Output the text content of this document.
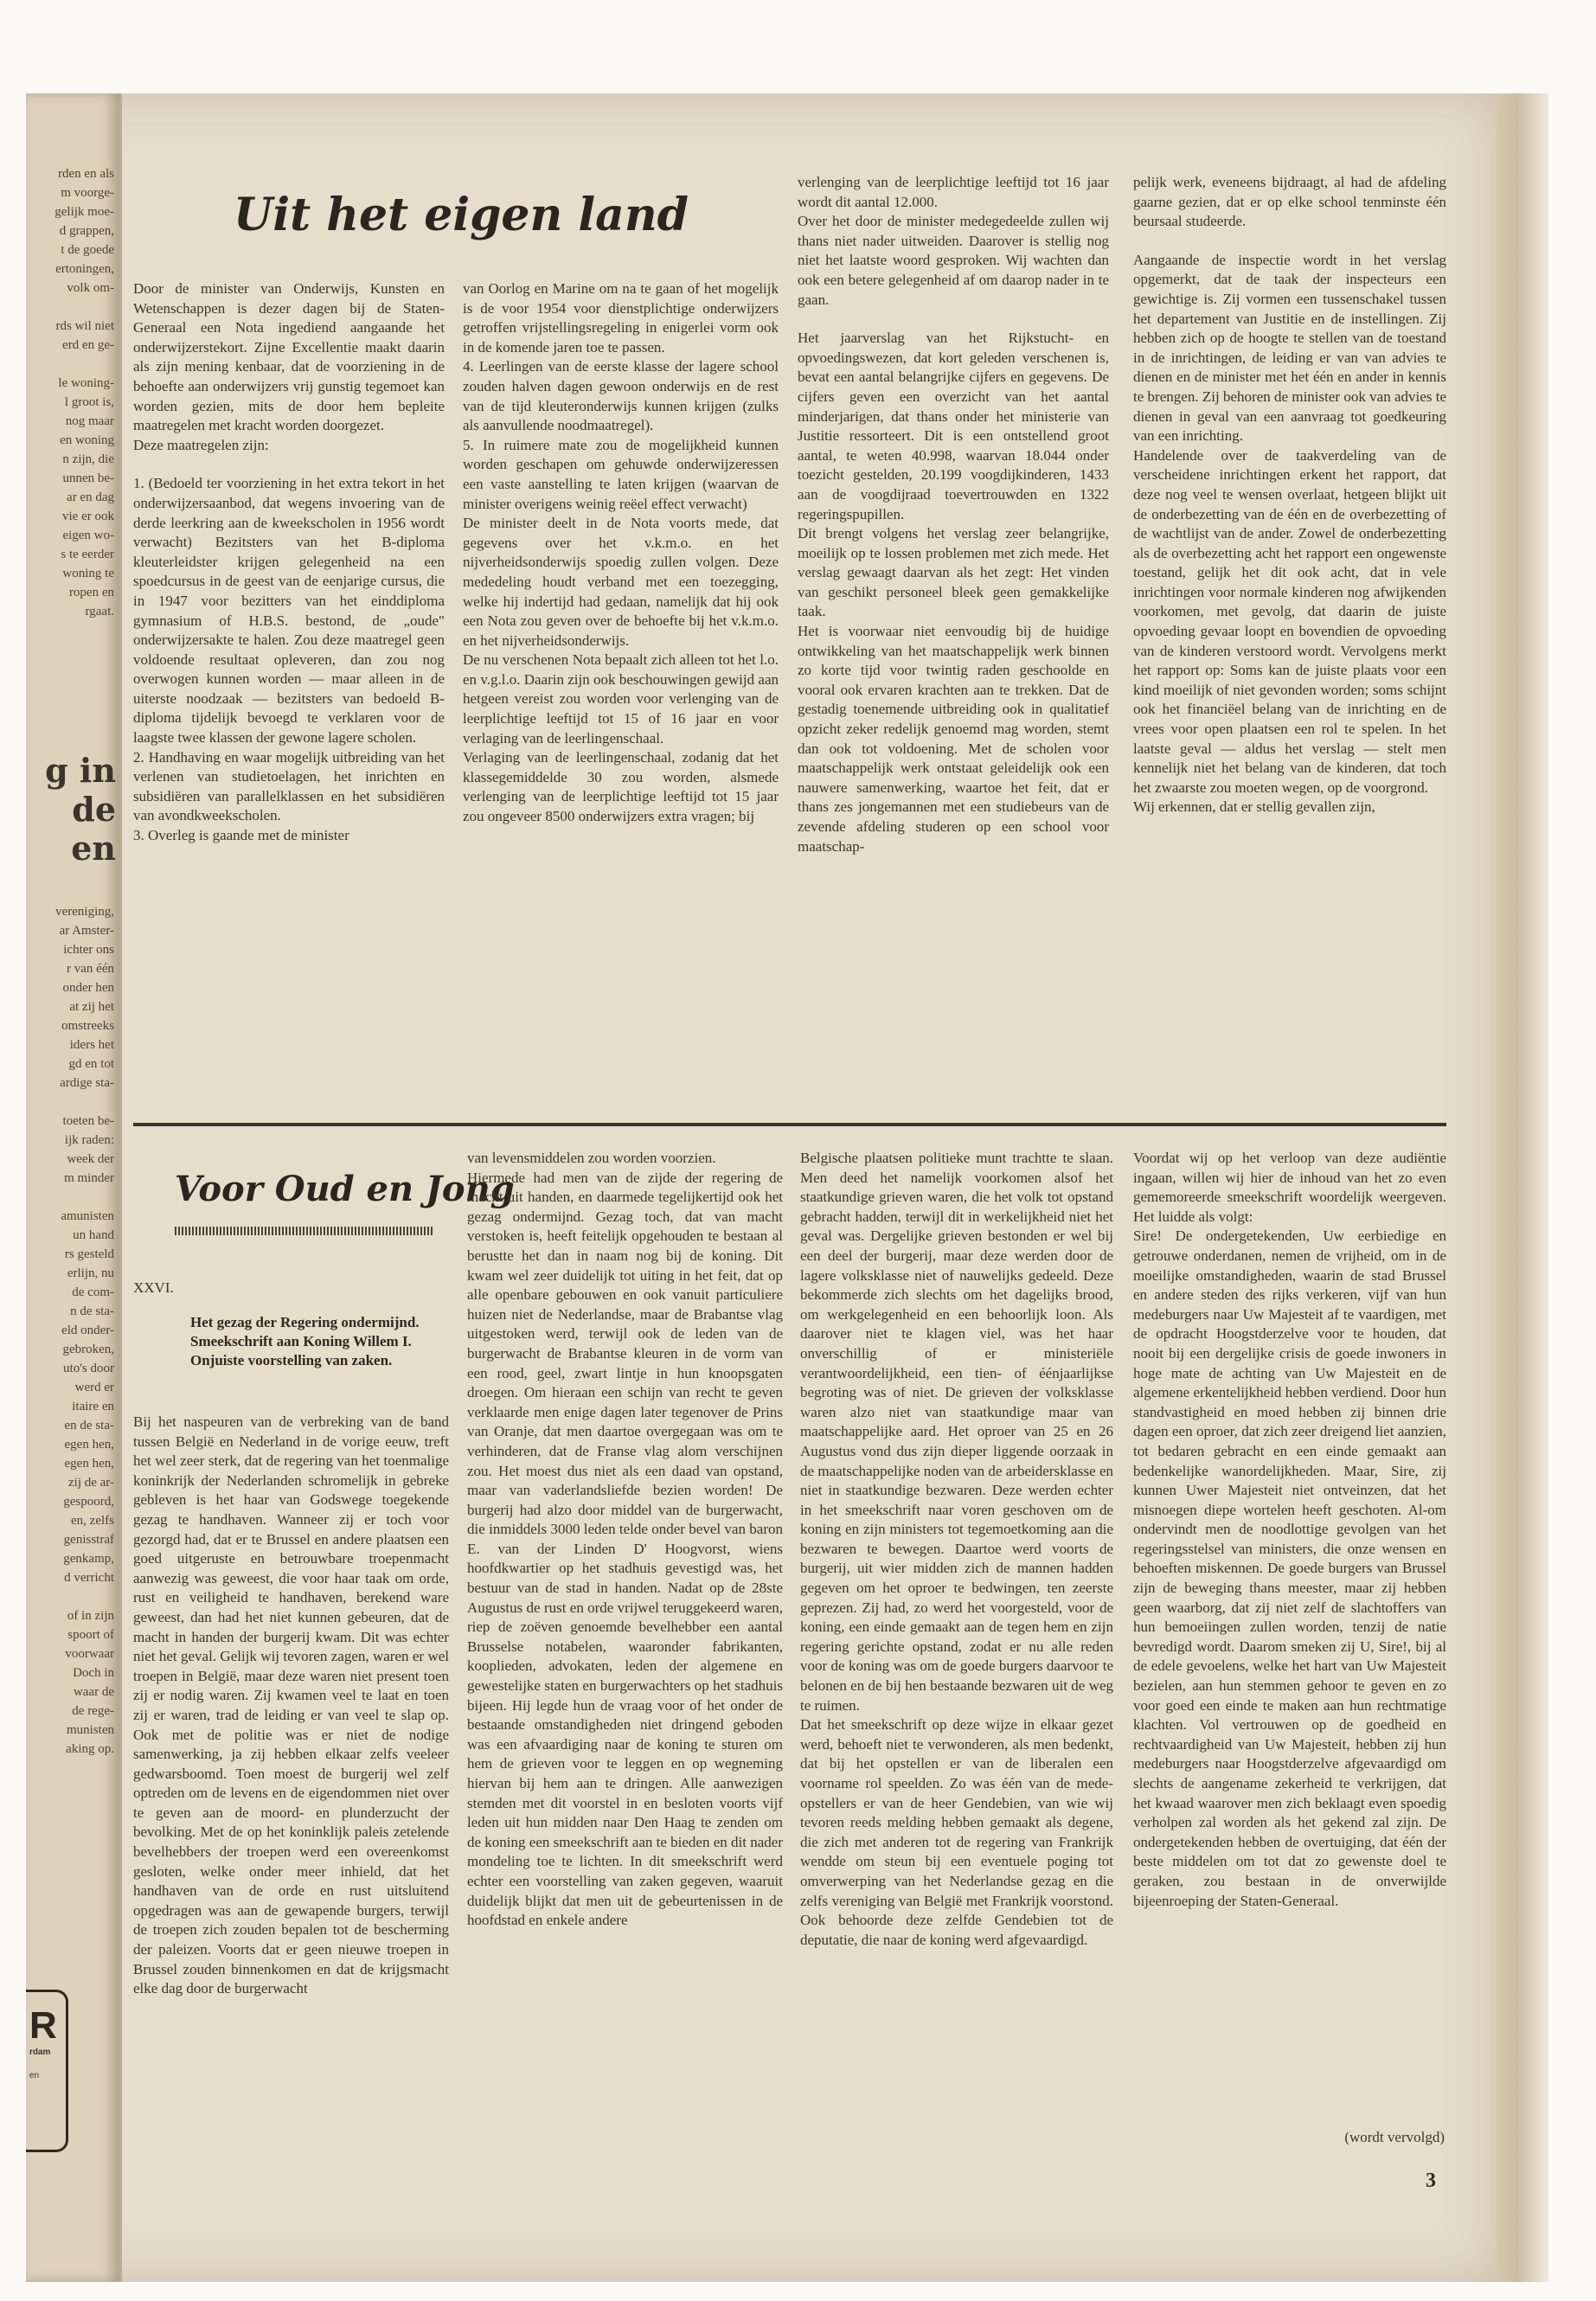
rden en als
m voorge-
gelijk moe-
d grappen,
t de goede
ertoningen,
volk om-

rds wil niet
erd en ge-

le woning-
l groot is,
nog maar
en woning
n zijn, die
unnen be-
ar en dag
vie er ook
eigen wo-
s te eerder
woning te
ropen en
rgaat.
g in de
en
vereniging,
ar Amster-
ichter ons
r van één
onder hen
at zij het
omstreeks
iders het
gd en tot
ardige sta-

toeten be-
ijk raden:
week der
m minder

amunisten
un hand
rs gesteld
erlijn, nu
de com-
n de sta-
eld onder-
gebroken,
uto's door
werd er
itaire en
en de sta-
egen hen,
egen hen,
zij de ar-
gespoord,
en, zelfs
genisstraf
genkamp,
d verricht

of in zijn
spoort of
voorwaar
Doch in
waar de
de rege-
munisten
aking op.
R
rdam
en
Uit het eigen land

Door de minister van Onderwijs, Kunsten en Wetenschappen is dezer dagen bij de Staten-Generaal een Nota ingediend aangaande het onderwijzerstekort. Zijne Excellentie maakt daarin als zijn mening kenbaar, dat de voorziening in de behoefte aan onderwijzers vrij gunstig tegemoet kan worden gezien, mits de door hem bepleite maatregelen met kracht worden doorgezet.

Deze maatregelen zijn:

1. (Bedoeld ter voorziening in het extra tekort in het onderwijzersaanbod, dat wegens invoering van de derde leerkring aan de kweekscholen in 1956 wordt verwacht) Bezitsters van het B-diploma kleuterleidster krijgen gelegenheid na een spoedcursus in de geest van de eenjarige cursus, die in 1947 voor bezitters van het einddiploma gymnasium of H.B.S. bestond, de „oude" onderwijzersakte te halen. Zou deze maatregel geen voldoende resultaat opleveren, dan zou nog overwogen kunnen worden — maar alleen in de uiterste noodzaak — bezitsters van bedoeld B-diploma tijdelijk bevoegd te verklaren voor de laagste twee klassen der gewone lagere scholen.

2. Handhaving en waar mogelijk uitbreiding van het verlenen van studietoelagen, het inrichten en subsidiëren van parallelklassen en het subsidiëren van avondkweekscholen.

3. Overleg is gaande met de minister

van Oorlog en Marine om na te gaan of het mogelijk is de voor 1954 voor dienstplichtige onderwijzers getroffen vrijstellingsregeling in enigerlei vorm ook in de komende jaren toe te passen.

4. Leerlingen van de eerste klasse der lagere school zouden halven dagen gewoon onderwijs en de rest van de tijd kleuteronderwijs kunnen krijgen (zulks als aanvullende noodmaatregel).

5. In ruimere mate zou de mogelijkheid kunnen worden geschapen om gehuwde onderwijzeressen een vaste aanstelling te laten krijgen (waarvan de minister overigens weinig reëel effect verwacht)

De minister deelt in de Nota voorts mede, dat gegevens over het v.k.m.o. en het nijverheidsonderwijs spoedig zullen volgen. Deze mededeling houdt verband met een toezegging, welke hij indertijd had gedaan, namelijk dat hij ook een Nota zou geven over de behoefte bij het v.k.m.o. en het nijverheidsonderwijs.

De nu verschenen Nota bepaalt zich alleen tot het l.o. en v.g.l.o. Daarin zijn ook beschouwingen gewijd aan hetgeen vereist zou worden voor verlenging van de leerplichtige leeftijd tot 15 of 16 jaar en voor verlaging van de leerlingenschaal.

Verlaging van de leerlingenschaal, zodanig dat het klassegemiddelde 30 zou worden, alsmede verlenging van de leerplichtige leeftijd tot 15 jaar zou ongeveer 8500 onderwijzers extra vragen; bij

verlenging van de leerplichtige leeftijd tot 16 jaar wordt dit aantal 12.000.

Over het door de minister medegedeelde zullen wij thans niet nader uitweiden. Daarover is stellig nog niet het laatste woord gesproken. Wij wachten dan ook een betere gelegenheid af om daarop nader in te gaan.

Het jaarverslag van het Rijkstucht- en opvoedingswezen, dat kort geleden verschenen is, bevat een aantal belangrijke cijfers en gegevens. De cijfers geven een overzicht van het aantal minderjarigen, dat thans onder het ministerie van Justitie ressorteert. Dit is een ontstellend groot aantal, te weten 40.998, waarvan 18.044 onder toezicht gestelden, 20.199 voogdijkinderen, 1433 aan de voogdijraad toevertrouwden en 1322 regeringspupillen.

Dit brengt volgens het verslag zeer belangrijke, moeilijk op te lossen problemen met zich mede. Het verslag gewaagt daarvan als het zegt: Het vinden van geschikt personeel bleek geen gemakkelijke taak.

Het is voorwaar niet eenvoudig bij de huidige ontwikkeling van het maatschappelijk werk binnen zo korte tijd voor twintig raden geschoolde en vooral ook ervaren krachten aan te trekken. Dat de gestadig toenemende uitbreiding ook in qualitatief opzicht zeker redelijk genoemd mag worden, stemt dan ook tot voldoening. Met de scholen voor maatschappelijk werk ontstaat geleidelijk ook een nauwere samenwerking, waartoe het feit, dat er thans zes jongemannen met een studiebeurs van de zevende afdeling studeren op een school voor maatschap-

pelijk werk, eveneens bijdraagt, al had de afdeling gaarne gezien, dat er op elke school tenminste één beursaal studeerde.

Aangaande de inspectie wordt in het verslag opgemerkt, dat de taak der inspecteurs een gewichtige is. Zij vormen een tussenschakel tussen het departement van Justitie en de instellingen. Zij hebben zich op de hoogte te stellen van de toestand in de inrichtingen, de leiding er van van advies te dienen en de minister met het één en ander in kennis te brengen. Zij behoren de minister ook van advies te dienen in geval van een aanvraag tot goedkeuring van een inrichting.

Handelende over de taakverdeling van de verscheidene inrichtingen erkent het rapport, dat deze nog veel te wensen overlaat, hetgeen blijkt uit de onderbezetting van de één en de overbezetting of de wachtlijst van de ander. Zowel de onderbezetting als de overbezetting acht het rapport een ongewenste toestand, gelijk het dit ook acht, dat in vele inrichtingen voor normale kinderen nog afwijkenden voorkomen, met gevolg, dat daarin de juiste opvoeding gevaar loopt en bovendien de opvoeding van de kinderen verstoord wordt. Vervolgens merkt het rapport op: Soms kan de juiste plaats voor een kind moeilijk of niet gevonden worden; soms schijnt ook het financiëel belang van de inrichting en de vrees voor open plaatsen een rol te spelen. In het laatste geval — aldus het verslag — stelt men kennelijk niet het belang van de kinderen, dat toch het zwaarste zou moeten wegen, op de voorgrond.

Wij erkennen, dat er stellig gevallen zijn,

Voor Oud en Jong
XXVI.
Het gezag der Regering ondermijnd. Smeekschrift aan Koning Willem I. Onjuiste voorstelling van zaken.

Bij het naspeuren van de verbreking van de band tussen België en Nederland in de vorige eeuw, treft het wel zeer sterk, dat de regering van het toenmalige koninkrijk der Nederlanden schromelijk in gebreke gebleven is het haar van Godswege toegekende gezag te handhaven. Wanneer zij er toch voor gezorgd had, dat er te Brussel en andere plaatsen een goed uitgeruste en betrouwbare troepenmacht aanwezig was geweest, die voor haar taak om orde, rust en veiligheid te handhaven, berekend ware geweest, dan had het niet kunnen gebeuren, dat de macht in handen der burgerij kwam. Dit was echter niet het geval. Gelijk wij tevoren zagen, waren er wel troepen in België, maar deze waren niet present toen zij er nodig waren. Zij kwamen veel te laat en toen zij er waren, trad de leiding er van veel te slap op. Ook met de politie was er niet de nodige samenwerking, ja zij hebben elkaar zelfs veeleer gedwarsboomd. Toen moest de burgerij wel zelf optreden om de levens en de eigendommen niet over te geven aan de moord- en plunderzucht der bevolking. Met de op het koninklijk paleis zetelende bevelhebbers der troepen werd een overeenkomst gesloten, welke onder meer inhield, dat het handhaven van de orde en rust uitsluitend opgedragen was aan de gewapende burgers, terwijl de troepen zich zouden bepalen tot de bescherming der paleizen. Voorts dat er geen nieuwe troepen in Brussel zouden binnenkomen en dat de krijgsmacht elke dag door de burgerwacht

van levensmiddelen zou worden voorzien.

Hiermede had men van de zijde der regering de macht uit handen, en daarmede tegelijkertijd ook het gezag ondermijnd. Gezag toch, dat van macht verstoken is, heeft feitelijk opgehouden te bestaan al berustte het dan in naam nog bij de koning. Dit kwam wel zeer duidelijk tot uiting in het feit, dat op alle openbare gebouwen en ook vanuit particuliere huizen niet de Nederlandse, maar de Brabantse vlag uitgestoken werd, terwijl ook de leden van de burgerwacht de Brabantse kleuren in de vorm van een rood, geel, zwart lintje in hun knoopsgaten droegen. Om hieraan een schijn van recht te geven verklaarde men enige dagen later tegenover de Prins van Oranje, dat men daartoe overgegaan was om te verhinderen, dat de Franse vlag alom verschijnen zou. Het moest dus niet als een daad van opstand, maar van vaderlandsliefde bezien worden! De burgerij had alzo door middel van de burgerwacht, die inmiddels 3000 leden telde onder bevel van baron E. van der Linden D' Hoogvorst, wiens hoofdkwartier op het stadhuis gevestigd was, het bestuur van de stad in handen. Nadat op de 28ste Augustus de rust en orde vrijwel teruggekeerd waren, riep de zoëven genoemde bevelhebber een aantal Brusselse notabelen, waaronder fabrikanten, kooplieden, advokaten, leden der algemene en gewestelijke staten en burgerwachters op het stadhuis bijeen. Hij legde hun de vraag voor of het onder de bestaande omstandigheden niet dringend geboden was een afvaardiging naar de koning te sturen om hem de grieven voor te leggen en op wegneming hiervan bij hem aan te dringen. Alle aanwezigen stemden met dit voorstel in en besloten voorts vijf leden uit hun midden naar Den Haag te zenden om de koning een smeekschrift aan te bieden en dit nader mondeling toe te lichten. In dit smeekschrift werd echter een voorstelling van zaken gegeven, waaruit duidelijk blijkt dat men uit de gebeurtenissen in de hoofdstad en enkele andere

Belgische plaatsen politieke munt trachtte te slaan. Men deed het namelijk voorkomen alsof het staatkundige grieven waren, die het volk tot opstand gebracht hadden, terwijl dit in werkelijkheid niet het geval was. Dergelijke grieven bestonden er wel bij een deel der burgerij, maar deze werden door de lagere volksklasse niet of nauwelijks gedeeld. Deze bekommerde zich slechts om het dagelijks brood, om werkgelegenheid en een behoorlijk loon. Als daarover niet te klagen viel, was het haar onverschillig of er ministeriële verantwoordelijkheid, een tien- of éénjaarlijkse begroting was of niet. De grieven der volksklasse waren alzo niet van staatkundige maar van maatschappelijke aard. Het oproer van 25 en 26 Augustus vond dus zijn dieper liggende oorzaak in de maatschappelijke noden van de arbeidersklasse en niet in staatkundige bezwaren. Deze werden echter in het smeekschrift naar voren geschoven om de koning en zijn ministers tot tegemoetkoming aan die bezwaren te bewegen. Daartoe werd voorts de burgerij, uit wier midden zich de mannen hadden gegeven om het oproer te bedwingen, ten zeerste geprezen. Zij had, zo werd het voorgesteld, voor de koning, een einde gemaakt aan de tegen hem en zijn regering gerichte opstand, zodat er nu alle reden voor de koning was om de goede burgers daarvoor te belonen en de bij hen bestaande bezwaren uit de weg te ruimen.

Dat het smeekschrift op deze wijze in elkaar gezet werd, behoeft niet te verwonderen, als men bedenkt, dat bij het opstellen er van de liberalen een voorname rol speelden. Zo was één van de mede-opstellers er van de heer Gendebien, van wie wij tevoren reeds melding hebben gemaakt als degene, die zich met anderen tot de regering van Frankrijk wendde om steun bij een eventuele poging tot omverwerping van het Nederlandse gezag en die zelfs vereniging van België met Frankrijk voorstond. Ook behoorde deze zelfde Gendebien tot de deputatie, die naar de koning werd afgevaardigd.

Voordat wij op het verloop van deze audiëntie ingaan, willen wij hier de inhoud van het zo even gememoreerde smeekschrift woordelijk weergeven. Het luidde als volgt:

Sire! De ondergetekenden, Uw eerbiedige en getrouwe onderdanen, nemen de vrijheid, om in de moeilijke omstandigheden, waarin de stad Brussel en andere steden des rijks verkeren, vijf van hun medeburgers naar Uw Majesteit af te vaardigen, met de opdracht Hoogstderzelve voor te houden, dat nooit bij een dergelijke crisis de goede inwoners in hoge mate de achting van Uw Majesteit en de algemene erkentelijkheid hebben verdiend. Door hun standvastigheid en moed hebben zij binnen drie dagen een oproer, dat zich zeer dreigend liet aanzien, tot bedaren gebracht en een einde gemaakt aan bedenkelijke wanordelijkheden. Maar, Sire, zij kunnen Uwer Majesteit niet ontveinzen, dat het misnoegen diepe wortelen heeft geschoten. Al-om ondervindt men de noodlottige gevolgen van het regeringsstelsel van ministers, die onze wensen en behoeften miskennen. De goede burgers van Brussel zijn de beweging thans meester, maar zij hebben geen waarborg, dat zij niet zelf de slachtoffers van hun bemoeiingen zullen worden, tenzij de natie bevredigd wordt. Daarom smeken zij U, Sire!, bij al de edele gevoelens, welke het hart van Uw Majesteit bezielen, aan hun stemmen gehoor te geven en zo voor goed een einde te maken aan hun rechtmatige klachten. Vol vertrouwen op de goedheid en rechtvaardigheid van Uw Majesteit, hebben zij hun medeburgers naar Hoogstderzelve afgevaardigd om slechts de aangename zekerheid te verkrijgen, dat het kwaad waarover men zich beklaagt even spoedig verholpen zal worden als het gekend zal zijn. De ondergetekenden hebben de overtuiging, dat één der beste middelen om tot dat zo gewenste doel te geraken, zou bestaan in de onverwijlde bijeenroeping der Staten-Generaal.

(wordt vervolgd)
3
